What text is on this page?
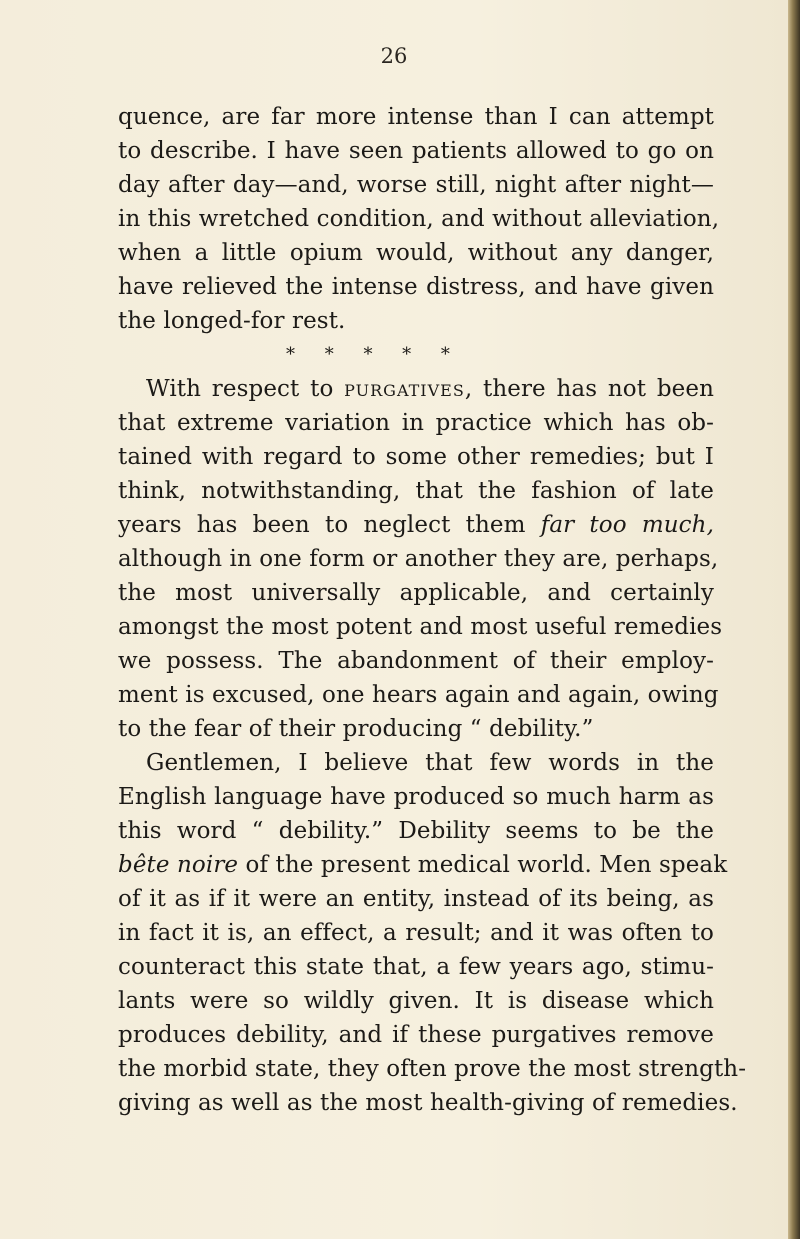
26
quence, are far more intense than I can attempt
to describe. I have seen patients allowed to go on
day after day—and, worse still, night after night—
in this wretched condition, and without alleviation,
when a little opium would, without any danger,
have relieved the intense distress, and have given
the longed-for rest.
* * * * *
With respect to purgatives, there has not been
that extreme variation in practice which has ob-
tained with regard to some other remedies; but I
think, notwithstanding, that the fashion of late
years has been to neglect them far too much,
although in one form or another they are, perhaps,
the most universally applicable, and certainly
amongst the most potent and most useful remedies
we possess. The abandonment of their employ-
ment is excused, one hears again and again, owing
to the fear of their producing “ debility.”
Gentlemen, I believe that few words in the
English language have produced so much harm as
this word “ debility.” Debility seems to be the
bête noire of the present medical world. Men speak
of it as if it were an entity, instead of its being, as
in fact it is, an effect, a result; and it was often to
counteract this state that, a few years ago, stimu-
lants were so wildly given. It is disease which
produces debility, and if these purgatives remove
the morbid state, they often prove the most strength-
giving as well as the most health-giving of remedies.
